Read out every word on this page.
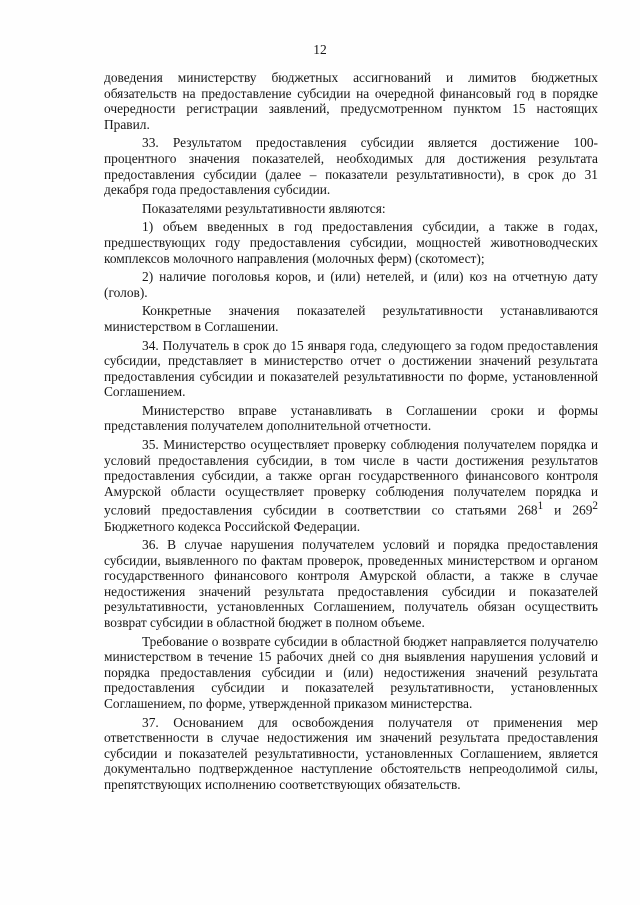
12

доведения министерству бюджетных ассигнований и лимитов бюджетных обязательств на предоставление субсидии на очередной финансовый год в порядке очередности регистрации заявлений, предусмотренном пунктом 15 настоящих Правил.

33. Результатом предоставления субсидии является достижение 100-процентного значения показателей, необходимых для достижения результата предоставления субсидии (далее – показатели результативности), в срок до 31 декабря года предоставления субсидии.

Показателями результативности являются:

1) объем введенных в год предоставления субсидии, а также в годах, предшествующих году предоставления субсидии, мощностей животноводческих комплексов молочного направления (молочных ферм) (скотомест);

2) наличие поголовья коров, и (или) нетелей, и (или) коз на отчетную дату (голов).

Конкретные значения показателей результативности устанавливаются министерством в Соглашении.

34. Получатель в срок до 15 января года, следующего за годом предоставления субсидии, представляет в министерство отчет о достижении значений результата предоставления субсидии и показателей результативности по форме, установленной Соглашением.

Министерство вправе устанавливать в Соглашении сроки и формы представления получателем дополнительной отчетности.

35. Министерство осуществляет проверку соблюдения получателем порядка и условий предоставления субсидии, в том числе в части достижения результатов предоставления субсидии, а также орган государственного финансового контроля Амурской области осуществляет проверку соблюдения получателем порядка и условий предоставления субсидии в соответствии со статьями $268^1$ и $269^2$ Бюджетного кодекса Российской Федерации.

36. В случае нарушения получателем условий и порядка предоставления субсидии, выявленного по фактам проверок, проведенных министерством и органом государственного финансового контроля Амурской области, а также в случае недостижения значений результата предоставления субсидии и показателей результативности, установленных Соглашением, получатель обязан осуществить возврат субсидии в областной бюджет в полном объеме.

Требование о возврате субсидии в областной бюджет направляется получателю министерством в течение 15 рабочих дней со дня выявления нарушения условий и порядка предоставления субсидии и (или) недостижения значений результата предоставления субсидии и показателей результативности, установленных Соглашением, по форме, утвержденной приказом министерства.

37. Основанием для освобождения получателя от применения мер ответственности в случае недостижения им значений результата предоставления субсидии и показателей результативности, установленных Соглашением, является документально подтвержденное наступление обстоятельств непреодолимой силы, препятствующих исполнению соответствующих обязательств.
